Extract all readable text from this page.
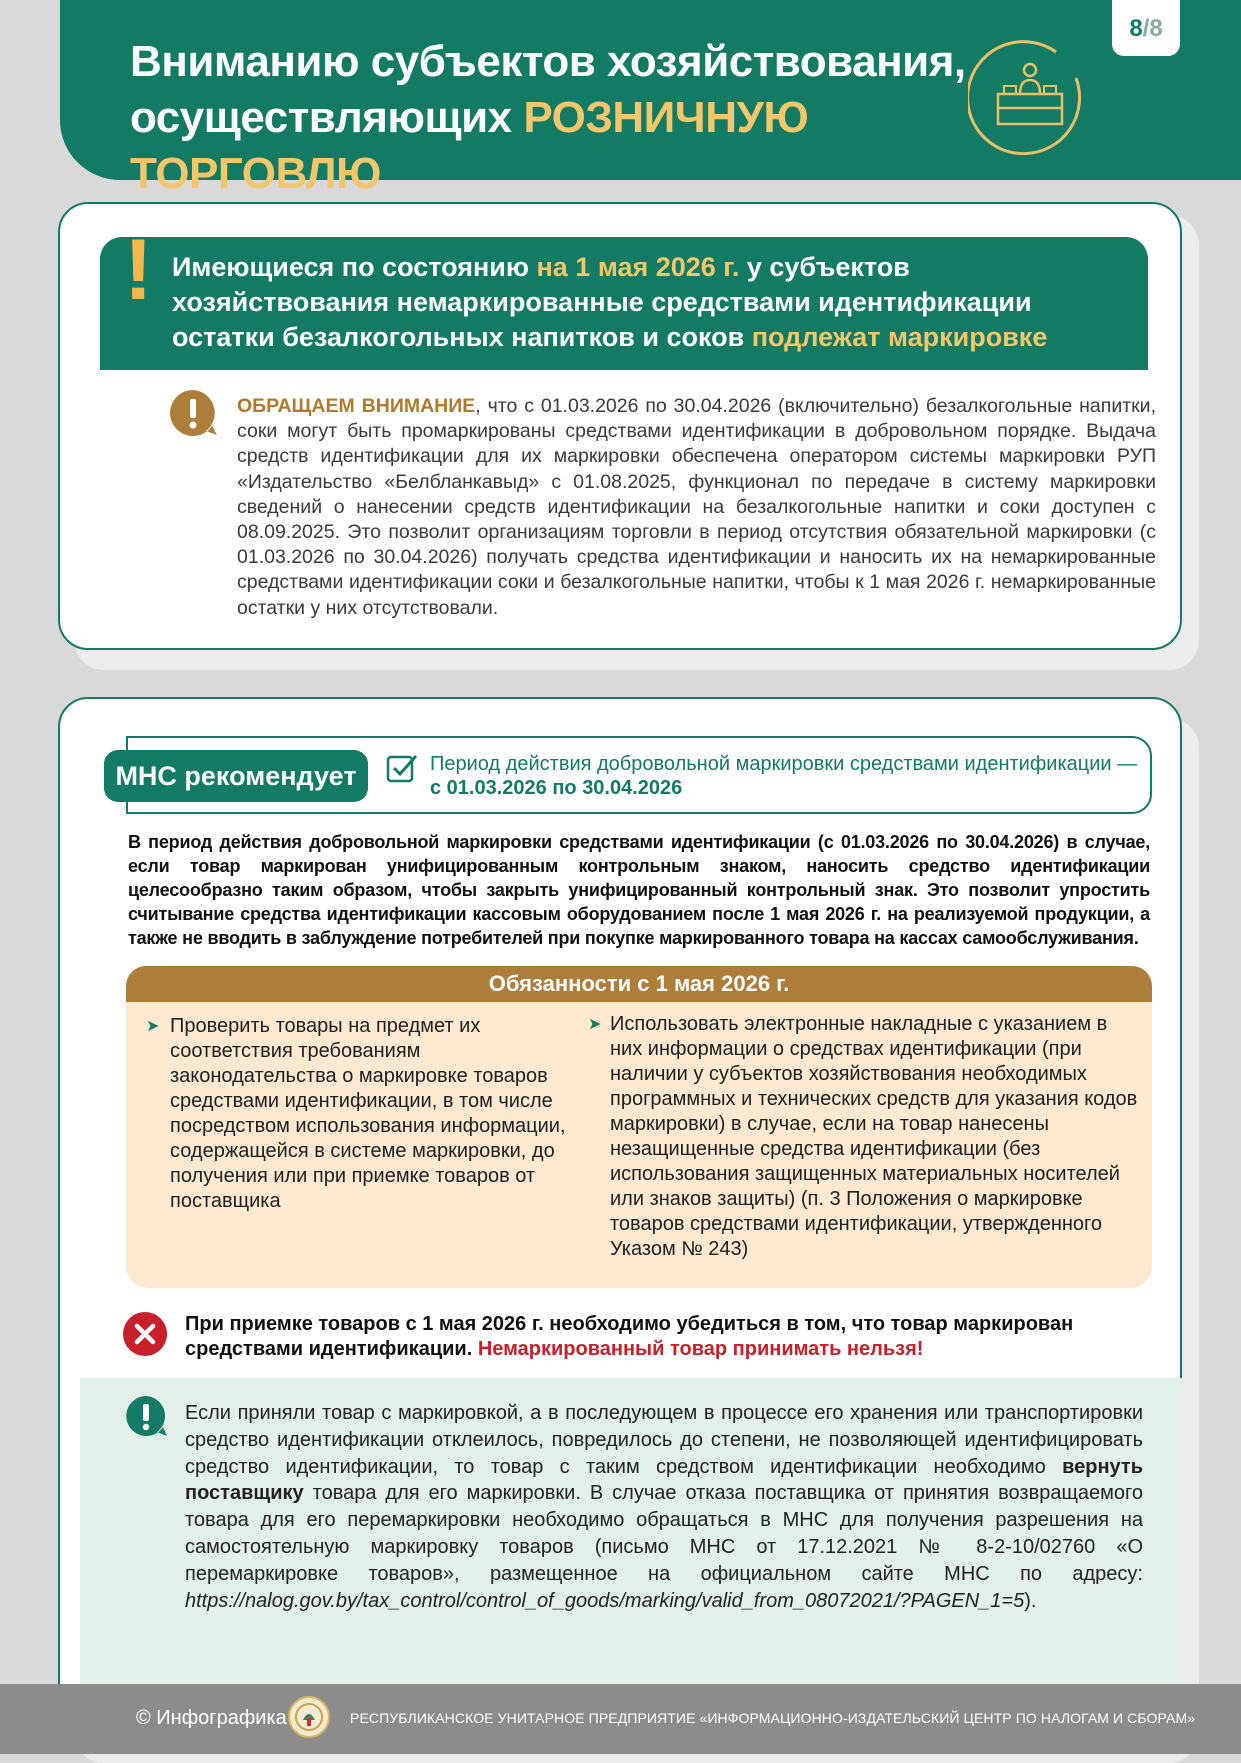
Вниманию субъектов хозяйствования,
осуществляющих РОЗНИЧНУЮ ТОРГОВЛЮ
8/8
! Имеющиеся по состоянию на 1 мая 2026 г. у субъектов хозяйствования немаркированные средствами идентификации остатки безалкогольных напитков и соков подлежат маркировке
ОБРАЩАЕМ ВНИМАНИЕ, что с 01.03.2026 по 30.04.2026 (включительно) безалкогольные напитки, соки могут быть промаркированы средствами идентификации в добровольном порядке. Выдача средств идентификации для их маркировки обеспечена оператором системы маркировки РУП «Издательство «Белбланкавыд» с 01.08.2025, функционал по передаче в систему маркировки сведений о нанесении средств идентификации на безалкогольные напитки и соки доступен с 08.09.2025. Это позволит организациям торговли в период отсутствия обязательной маркировки (с 01.03.2026 по 30.04.2026) получать средства идентификации и наносить их на немаркированные средствами идентификации соки и безалкогольные напитки, чтобы к 1 мая 2026 г. немаркированные остатки у них отсутствовали.
МНС рекомендует	Период действия добровольной маркировки средствами идентификации —
с 01.03.2026 по 30.04.2026
В период действия добровольной маркировки средствами идентификации (с 01.03.2026 по 30.04.2026) в случае, если товар маркирован унифицированным контрольным знаком, наносить средство идентификации целесообразно таким образом, чтобы закрыть унифицированный контрольный знак. Это позволит упростить считывание средства идентификации кассовым оборудованием после 1 мая 2026 г. на реализуемой продукции, а также не вводить в заблуждение потребителей при покупке маркированного товара на кассах самообслуживания.
Обязанности с 1 мая 2026 г.
➤ Проверить товары на предмет их соответствия требованиям законодательства о маркировке товаров средствами идентификации, в том числе посредством использования информации, содержащейся в системе маркировки, до получения или при приемке товаров от поставщика
➤ Использовать электронные накладные с указанием в них информации о средствах идентификации (при наличии у субъектов хозяйствования необходимых программных и технических средств для указания кодов маркировки) в случае, если на товар нанесены незащищенные средства идентификации (без использования защищенных материальных носителей или знаков защиты) (п. 3 Положения о маркировке товаров средствами идентификации, утвержденного Указом № 243)
При приемке товаров с 1 мая 2026 г. необходимо убедиться в том, что товар маркирован средствами идентификации. Немаркированный товар принимать нельзя!
Если приняли товар с маркировкой, а в последующем в процессе его хранения или транспортировки средство идентификации отклеилось, повредилось до степени, не позволяющей идентифицировать средство идентификации, то товар с таким средством идентификации необходимо вернуть поставщику товара для его маркировки. В случае отказа поставщика от принятия возвращаемого товара для его перемаркировки необходимо обращаться в МНС для получения разрешения на самостоятельную маркировку товаров (письмо МНС от 17.12.2021 № 8-2-10/02760 «О перемаркировке товаров», размещенное на официальном сайте МНС по адресу: https://nalog.gov.by/tax_control/control_of_goods/marking/valid_from_08072021/?PAGEN_1=5).
© Инфографика	РЕСПУБЛИКАНСКОЕ УНИТАРНОЕ ПРЕДПРИЯТИЕ «ИНФОРМАЦИОННО-ИЗДАТЕЛЬСКИЙ ЦЕНТР ПО НАЛОГАМ И СБОРАМ»
